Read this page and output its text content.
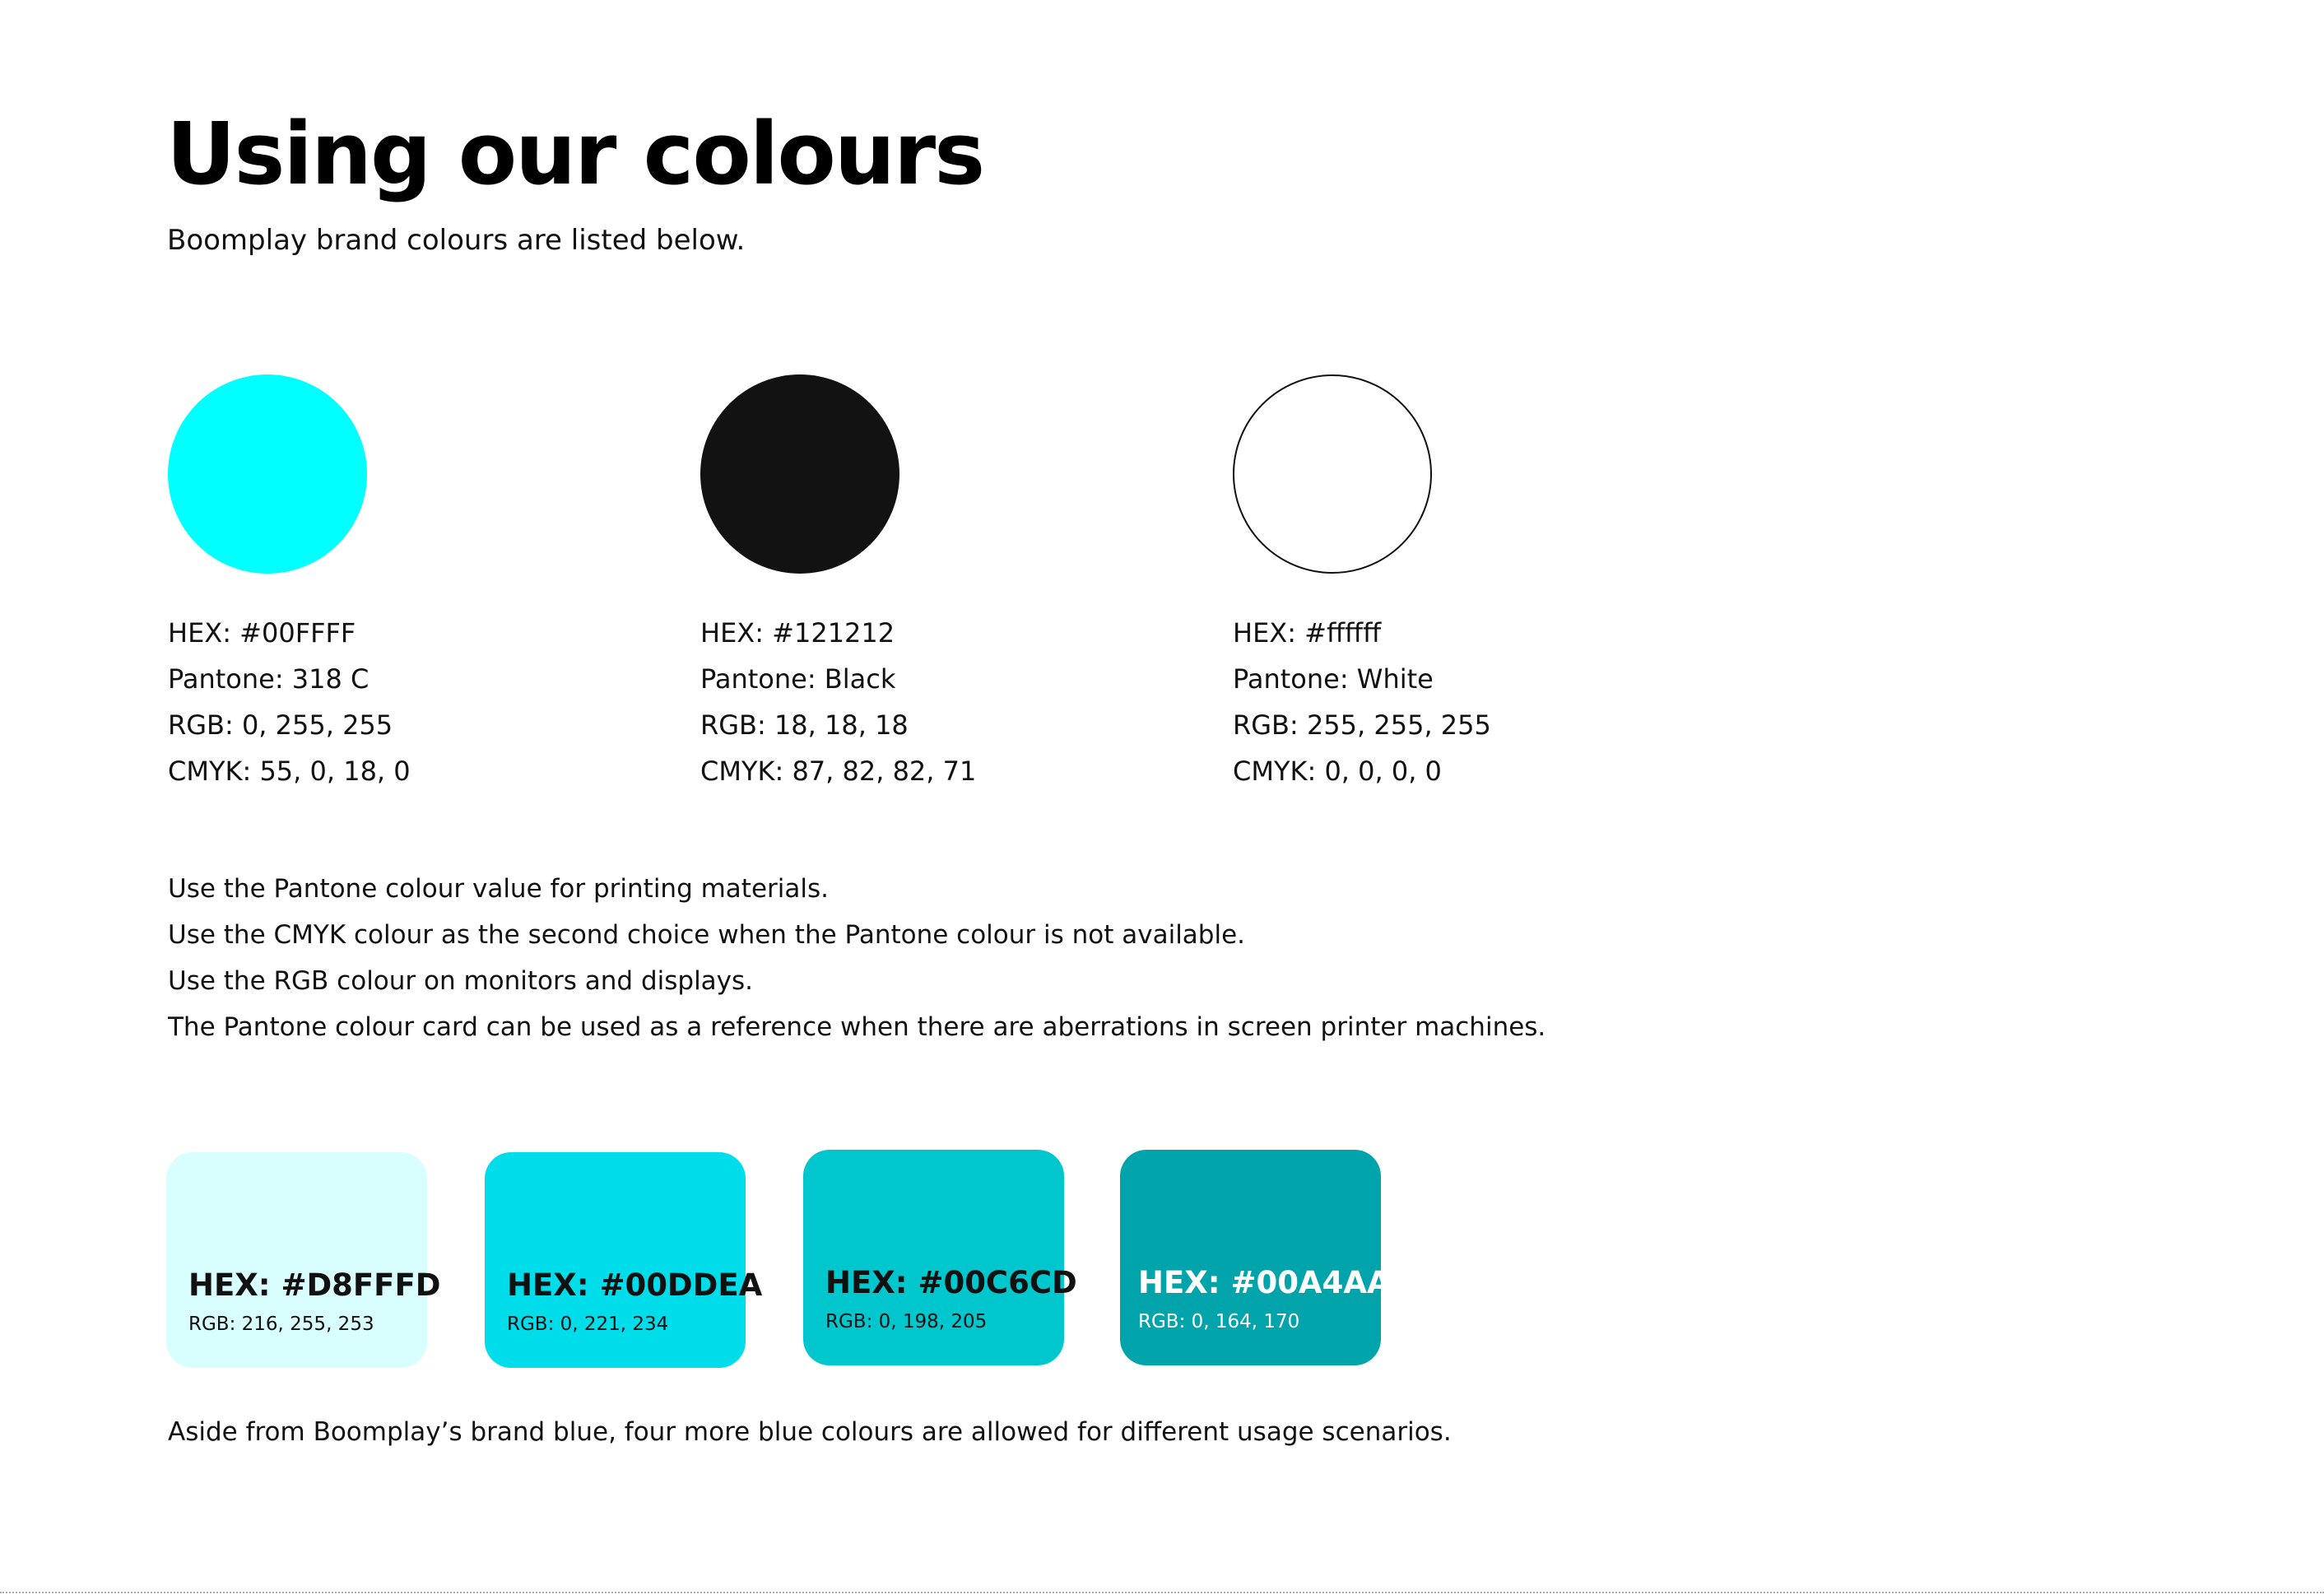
Using our colours
Boomplay brand colours are listed below.
HEX: #00FFFF
Pantone: 318 C
RGB: 0, 255, 255
CMYK: 55, 0, 18, 0
HEX: #121212
Pantone: Black
RGB: 18, 18, 18
CMYK: 87, 82, 82, 71
HEX: #ffffff
Pantone: White
RGB: 255, 255, 255
CMYK: 0, 0, 0, 0
Use the Pantone colour value for printing materials.
Use the CMYK colour as the second choice when the Pantone colour is not available.
Use the RGB colour on monitors and displays.
The Pantone colour card can be used as a reference when there are aberrations in screen printer machines.
HEX: #D8FFFD
RGB: 216, 255, 253
HEX: #00DDEA
RGB: 0, 221, 234
HEX: #00C6CD
RGB: 0, 198, 205
HEX: #00A4AA
RGB: 0, 164, 170
Aside from Boomplay’s brand blue, four more blue colours are allowed for different usage scenarios.
